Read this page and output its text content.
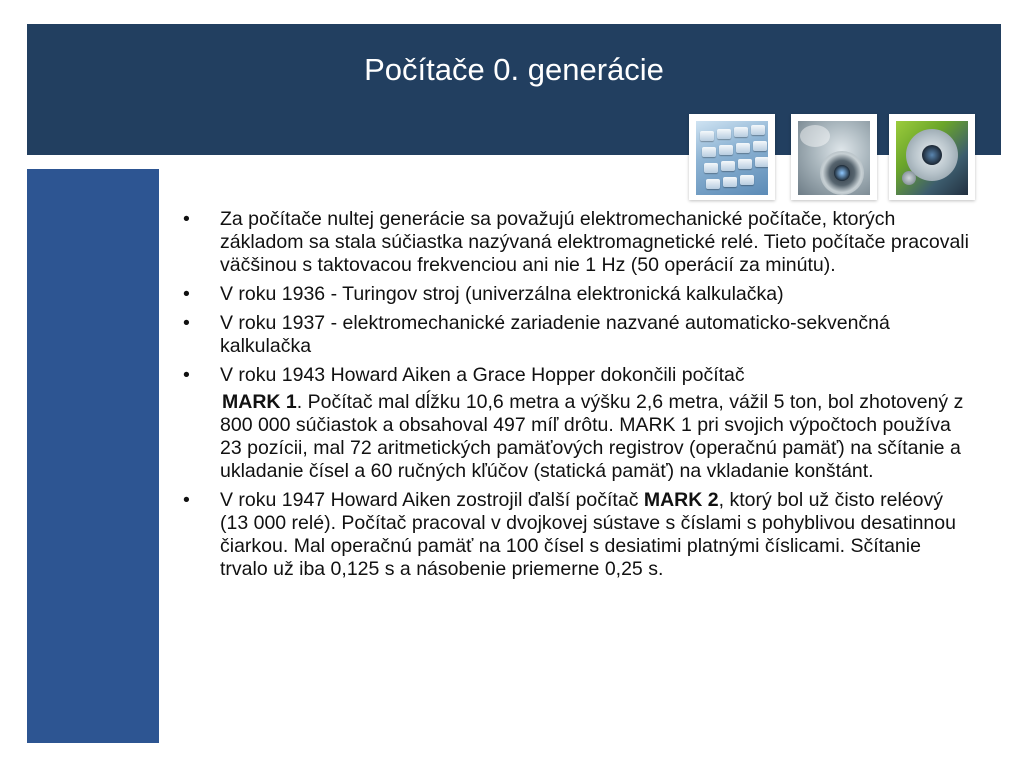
Počítače 0. generácie
•	Za počítače nultej generácie sa považujú elektromechanické počítače, ktorých základom sa stala súčiastka nazývaná elektromagnetické relé. Tieto počítače pracovali väčšinou s taktovacou frekvenciou ani nie 1 Hz (50 operácií za minútu).
•	V roku 1936 - Turingov stroj (univerzálna elektronická kalkulačka)
•	V roku 1937 - elektromechanické zariadenie nazvané automaticko-sekvenčná kalkulačka
•	V roku 1943 Howard Aiken a Grace Hopper dokončili počítač

MARK 1. Počítač mal dĺžku 10,6 metra a výšku 2,6 metra, vážil 5 ton, bol zhotovený z 800 000 súčiastok a obsahoval 497 míľ drôtu. MARK 1 pri svojich výpočtoch používa 23 pozícii, mal 72 aritmetických pamäťových registrov (operačnú pamäť) na sčítanie a ukladanie čísel a 60 ručných kľúčov (statická pamäť) na vkladanie konštánt.

•	V roku 1947 Howard Aiken zostrojil ďalší počítač MARK 2, ktorý bol už čisto reléový (13 000 relé). Počítač pracoval v dvojkovej sústave s číslami s pohyblivou desatinnou čiarkou. Mal operačnú pamäť na 100 čísel s desiatimi platnými číslicami. Sčítanie trvalo už iba 0,125 s a násobenie priemerne 0,25 s.
